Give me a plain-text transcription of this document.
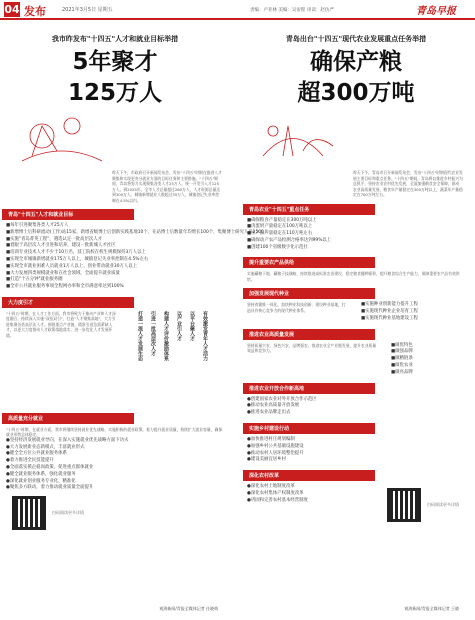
04 发布	2021年3月5日 星期五	责编：卢亚林 美编：吴宙程 审读：赵仿严	青岛早报
我市昨发布"十四五"人才和就业目标举措
5年聚才
125万人
昨天下午，市政府召开新闻发布会，发布"十四五"时期在推进人才聚集和实现更充分就业方面的目标任务和主要措施。"十四五"期间，青岛将努力实现聚集各类人才25万人，统一开发引入才125万人。到2025年，全市人才总量超过260万人，人才资源总量达到300万人，城镇新增就业人数超过35万人，城镇登记失业率控制在4.5%以内。
青岛"十四五"人才和就业目标
■每年引进聚集各类人才25万人
■新增博士后科研流动(工作)站15家，新增省级博士后创新实践基地10个，在站博士后数量年均增长100个，集聚博士研究人员2500人
■实施"青岛菁英工程"，遴选认定一批高层次人才
■着眼于高层次人才引进和培养，建设一批新城人才社区
■培训专业技术人才不少于10万名，技工院校在校生规模保持3万人以上
■实现全市城镇新增就业175万人以上，城镇登记失业率控制在4.5%左右
■实现全市就业困难人员就业1万人以上，创业带动就业30万人以上
■大力发展四类规模就业和在社会领域，全面提升就业质量
■打造"十五分钟"就业服务圈
■全市公共就业服务事项全程网办率和全市满意率达到100%
大力度引才
"十四五"时期，在人才工作方面，我市将致力于推动产业和人才深度融合，持续深入实施"双招双引"，打造"人才聚集高地"，大力引进集聚各类高层次人才。围绕重点产业链，精准引进急需紧缺人才，以更大力度推动人才政策落地落实，进一步优化人才发展环境。	打造一流人才发展生态 引进一批高层次人才 构建人才评价激励体系 以产业引人才 以平台聚人才 有效激发青年人才活力
高质量充分就业
"十四五"时期，在就业方面，我市将继续坚持就业优先战略，实施积极的就业政策，着力提升就业质量，持续扩大就业容量，确保就业形势总体稳定。
●坚持经济发展就业导向，在深入实施就业优先战略方面下功夫
●大力发展新业态新模式，丰富就业形式
●健全全方位公共就业服务体系
●着力推进全民技能提升
●全面落实援企稳岗政策，促进重点群体就业
●健全就业服务体系，强化就业服务
●深化就业创业服务专业化、精准化
●聚焦多方联动，着力推动就业质量全面提升
扫码阅读更多详情
观海新闻/青报全媒体记者 任晓萌
青岛出台"十四五"现代农业发展重点任务举措
确保产粮
超300万吨
昨天下午，青岛市召开新闻发布会，发布"十四五"时期现代农业发展主要目标和重点任务。"十四五"期间，青岛将以推进乡村振兴为总抓手，坚持农业农村优先发展，全面加强粮食安全保障，推动农业高质量发展，粮食年产量稳定在300万吨以上，蔬菜年产量稳定在700万吨左右。
青岛农业"十四五"重点任务
■确保粮食产量稳定在300万吨以上
■肉蛋奶产量稳定在100万吨以上
■水产品产量稳定在110万吨左右
■确保动产农产品检测合格率达到99%以上
■创建100个省级数字化示范社
提升重要农产品供给
实施藏粮于地、藏粮于技战略，持续推进高标准农田建设，稳定粮食播种面积，提升粮食综合生产能力，保障重要农产品有效供给。
加强发展现代种业
坚持育繁推一体化，加快种业科技创新，建设种业基地，打造具有核心竞争力的现代种业体系。
■实施种业创新能力提升工程
■实施现代种业企业培育工程
■实施现代种业基地建设工程
推进农业高质量发展
坚持质量兴农、绿色兴农、品牌强农，推进农业全产业链发展，提升农业质量效益和竞争力。
■做优特色
■做强品牌
■做精链条
■做优农业
■做亮品牌
推进农业开放合作新高地
●创建国家农业对外开放合作示范区
●推动农业高质量开放发展
●推进农业品牌走出去
实施乡村建设行动
●加快推进村庄规划编制
●加强乡村公共基础设施建设
●推动农村人居环境整治提升
●建设美丽宜居乡村
深化农村改革
●深化农村土地制度改革
●深化农村集体产权制度改革
●巩固和完善农村基本经营制度
扫码阅读更多详情
观海新闻/青报全媒体记者 王晓
